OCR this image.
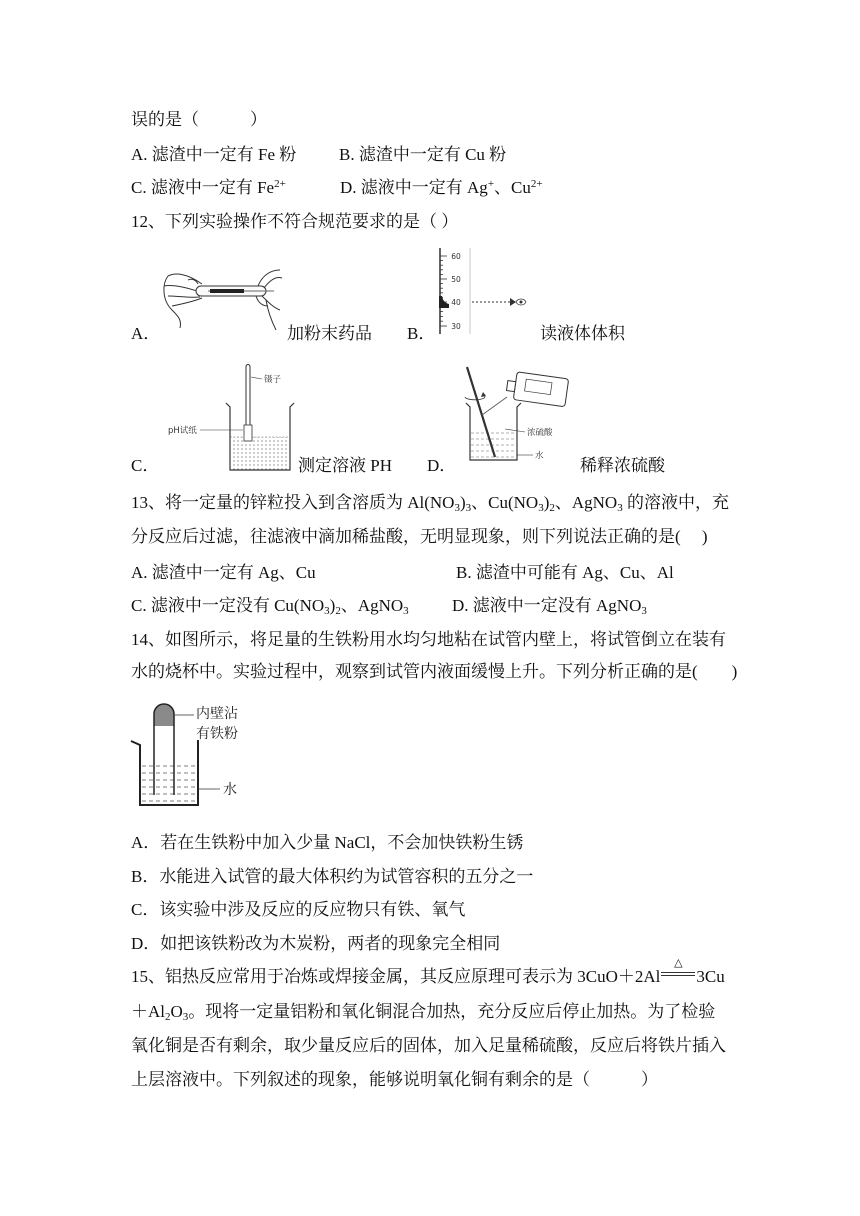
误的是（　　　）
A. 滤渣中一定有 Fe 粉	B. 滤渣中一定有 Cu 粉
C. 滤液中一定有 $Fe^{2+}$	D. 滤液中一定有 Ag+、$Cu^{2+}$
12、下列实验操作不符合规范要求的是（ ）
A．	加粉末药品 B．
60
50
40
30	读液体体积
C．
镊子
pH试纸
测定溶液 PH D．
浓硫酸
水 稀释浓硫酸
13、将一定量的锌粒投入到含溶质为 $Al(NO_3)_3$、$Cu(NO_3)_2$、AgNO$_3$ 的溶液中，充
分反应后过滤，往滤液中滴加稀盐酸，无明显现象，则下列说法正确的是(　 )
A. 滤渣中一定有 Ag、Cu	B. 滤渣中可能有 Ag、Cu、Al
C. 滤液中一定没有 $Cu(NO_3)_2$、AgNO$_3$	D. 滤液中一定没有 AgNO$_3$
14、如图所示，将足量的生铁粉用水均匀地粘在试管内壁上，将试管倒立在装有
水的烧杯中。实验过程中，观察到试管内液面缓慢上升。下列分析正确的是(　　)
内壁沾
有铁粉
水
A．若在生铁粉中加入少量 NaCl，不会加快铁粉生锈
B．水能进入试管的最大体积约为试管容积的五分之一
C．该实验中涉及反应的反应物只有铁、氧气
D．如把该铁粉改为木炭粉，两者的现象完全相同
15、铝热反应常用于冶炼或焊接金属，其反应原理可表示为 3CuO＋2Al
△
3Cu
$+Al_2O_3$。现将一定量铝粉和氧化铜混合加热，充分反应后停止加热。为了检验
氧化铜是否有剩余，取少量反应后的固体，加入足量稀硫酸，反应后将铁片插入
上层溶液中。下列叙述的现象，能够说明氧化铜有剩余的是（　　　）
